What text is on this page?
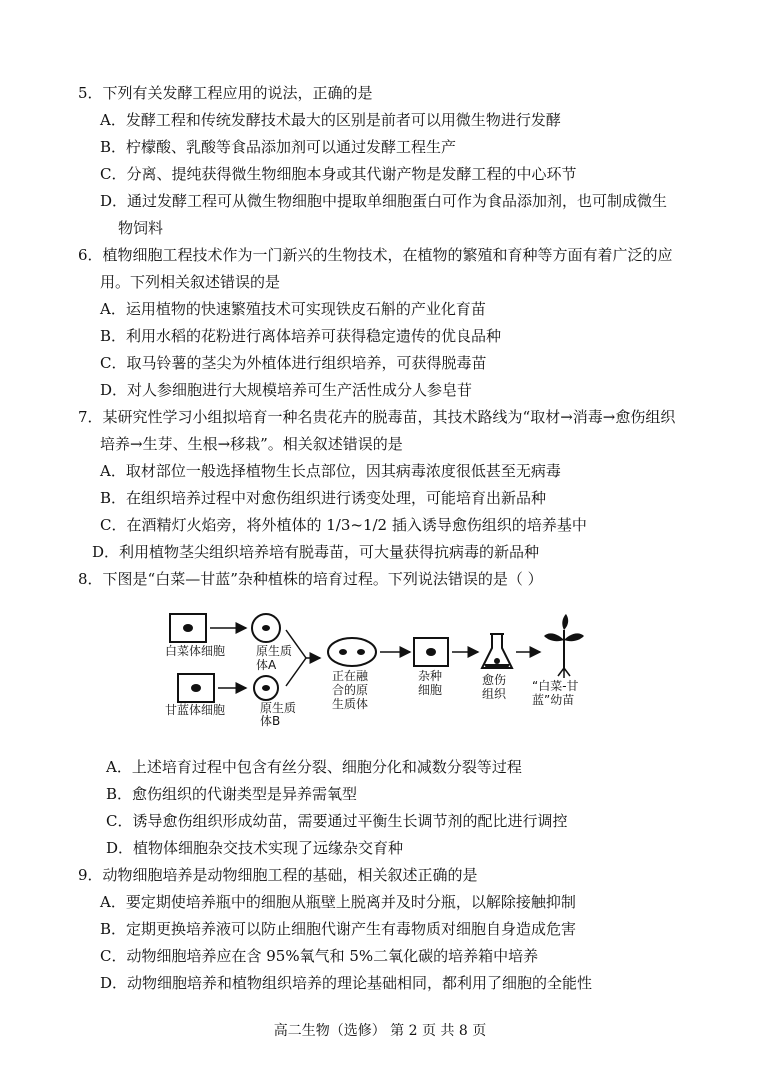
5．下列有关发酵工程应用的说法，正确的是

A．发酵工程和传统发酵技术最大的区别是前者可以用微生物进行发酵

B．柠檬酸、乳酸等食品添加剂可以通过发酵工程生产

C．分离、提纯获得微生物细胞本身或其代谢产物是发酵工程的中心环节

D．通过发酵工程可从微生物细胞中提取单细胞蛋白可作为食品添加剂，也可制成微生

物饲料

6．植物细胞工程技术作为一门新兴的生物技术，在植物的繁殖和育种等方面有着广泛的应

用。下列相关叙述错误的是

A．运用植物的快速繁殖技术可实现铁皮石斛的产业化育苗

B．利用水稻的花粉进行离体培养可获得稳定遗传的优良品种

C．取马铃薯的茎尖为外植体进行组织培养，可获得脱毒苗

D．对人参细胞进行大规模培养可生产活性成分人参皂苷

7．某研究性学习小组拟培育一种名贵花卉的脱毒苗，其技术路线为“取材→消毒→愈伤组织

培养→生芽、生根→移栽”。相关叙述错误的是

A．取材部位一般选择植物生长点部位，因其病毒浓度很低甚至无病毒

B．在组织培养过程中对愈伤组织进行诱变处理，可能培育出新品种

C．在酒精灯火焰旁，将外植体的 1/3~1/2 插入诱导愈伤组织的培养基中

D．利用植物茎尖组织培养培有脱毒苗，可大量获得抗病毒的新品种

8．下图是“白菜—甘蓝”杂种植株的培育过程。下列说法错误的是（ ）

白菜体细胞	原生质
体A
甘蓝体细胞	原生质
体B
正在融
合的原
生质体
杂种
细胞
愈伤
组织
“白菜-甘
蓝”幼苗

A．上述培育过程中包含有丝分裂、细胞分化和减数分裂等过程

B．愈伤组织的代谢类型是异养需氧型

C．诱导愈伤组织形成幼苗，需要通过平衡生长调节剂的配比进行调控

D．植物体细胞杂交技术实现了远缘杂交育种

9．动物细胞培养是动物细胞工程的基础，相关叙述正确的是

A．要定期使培养瓶中的细胞从瓶壁上脱离并及时分瓶，以解除接触抑制

B．定期更换培养液可以防止细胞代谢产生有毒物质对细胞自身造成危害

C．动物细胞培养应在含 95%氧气和 5%二氧化碳的培养箱中培养

D．动物细胞培养和植物组织培养的理论基础相同，都利用了细胞的全能性

高二生物（选修） 第 2 页 共 8 页
